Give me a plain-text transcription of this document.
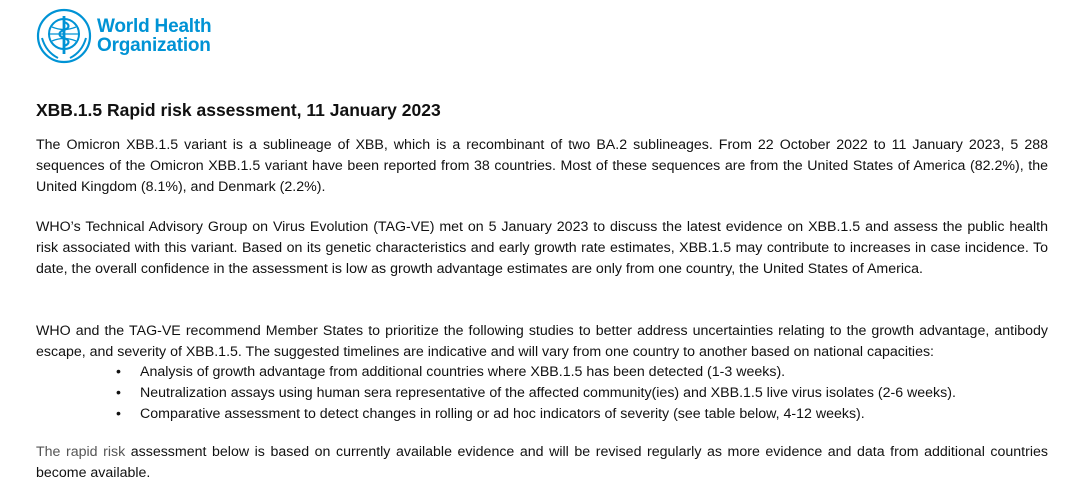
World Health
Organization
XBB.1.5 Rapid risk assessment, 11 January 2023

The Omicron XBB.1.5 variant is a sublineage of XBB, which is a recombinant of two BA.2 sublineages. From 22 October 2022 to 11 January 2023, 5 288 sequences of the Omicron XBB.1.5 variant have been reported from 38 countries. Most of these sequences are from the United States of America (82.2%), the United Kingdom (8.1%), and Denmark (2.2%).

WHO’s Technical Advisory Group on Virus Evolution (TAG-VE) met on 5 January 2023 to discuss the latest evidence on XBB.1.5 and assess the public health risk associated with this variant. Based on its genetic characteristics and early growth rate estimates, XBB.1.5 may contribute to increases in case incidence. To date, the overall confidence in the assessment is low as growth advantage estimates are only from one country, the United States of America.

WHO and the TAG-VE recommend Member States to prioritize the following studies to better address uncertainties relating to the growth advantage, antibody escape, and severity of XBB.1.5. The suggested timelines are indicative and will vary from one country to another based on national capacities:

• Analysis of growth advantage from additional countries where XBB.1.5 has been detected (1-3 weeks).
• Neutralization assays using human sera representative of the affected community(ies) and XBB.1.5 live virus isolates (2-6 weeks).
• Comparative assessment to detect changes in rolling or ad hoc indicators of severity (see table below, 4-12 weeks).

The rapid risk assessment below is based on currently available evidence and will be revised regularly as more evidence and data from additional countries become available.
